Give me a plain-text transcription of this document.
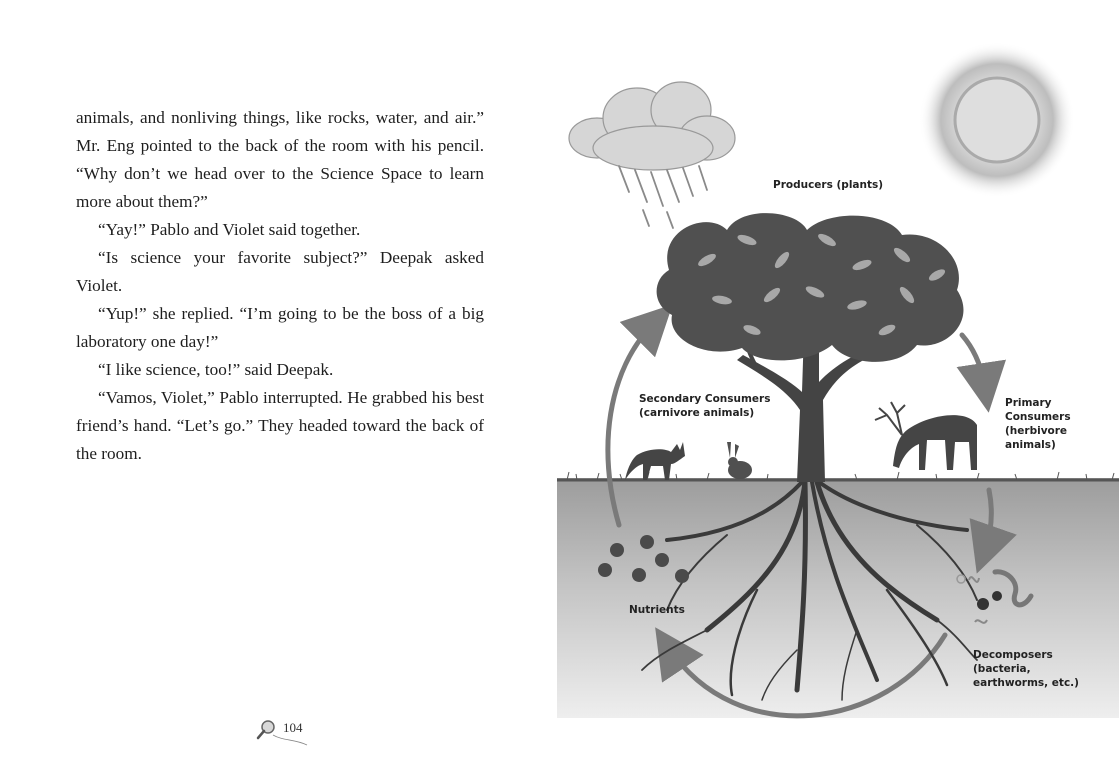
animals, and nonliving things, like rocks, water, and air.” Mr. Eng pointed to the back of the room with his pencil. “Why don’t we head over to the Science Space to learn more about them?”

“Yay!” Pablo and Violet said together.

“Is science your favorite subject?” Deepak asked Violet.

“Yup!” she replied. “I’m going to be the boss of a big laboratory one day!”

“I like science, too!” said Deepak.

“Vamos, Violet,” Pablo interrupted. He grabbed his best friend’s hand. “Let’s go.” They headed toward the back of the room.

104
Producers (plants)
Primary
Consumers
(herbivore
animals)
Secondary Consumers
(carnivore animals)
Nutrients
Decomposers
(bacteria,
earthworms, etc.)
